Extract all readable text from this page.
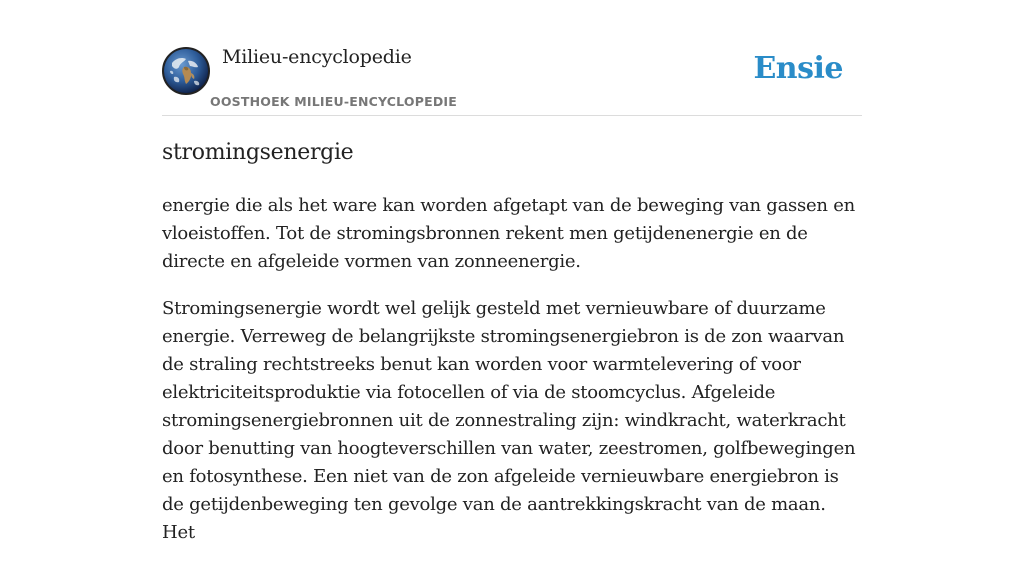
Milieu-encyclopedie
OOSTHOEK MILIEU-ENCYCLOPEDIE
Ensie
stromingsenergie

energie die als het ware kan worden afgetapt van de beweging van gassen en vloeistoffen. Tot de stromingsbronnen rekent men getijdenenergie en de directe en afgeleide vormen van zonneenergie.

Stromingsenergie wordt wel gelijk gesteld met vernieuwbare of duurzame energie. Verreweg de belangrijkste stromingsenergiebron is de zon waarvan de straling rechtstreeks benut kan worden voor warmtelevering of voor elektriciteitsproduktie via fotocellen of via de stoomcyclus. Afgeleide stromingsenergiebronnen uit de zonnestraling zijn: windkracht, waterkracht door benutting van hoogteverschillen van water, zeestromen, golfbewegingen en fotosynthese. Een niet van de zon afgeleide vernieuwbare energiebron is de getijdenbeweging ten gevolge van de aantrekkingskracht van de maan. Het
